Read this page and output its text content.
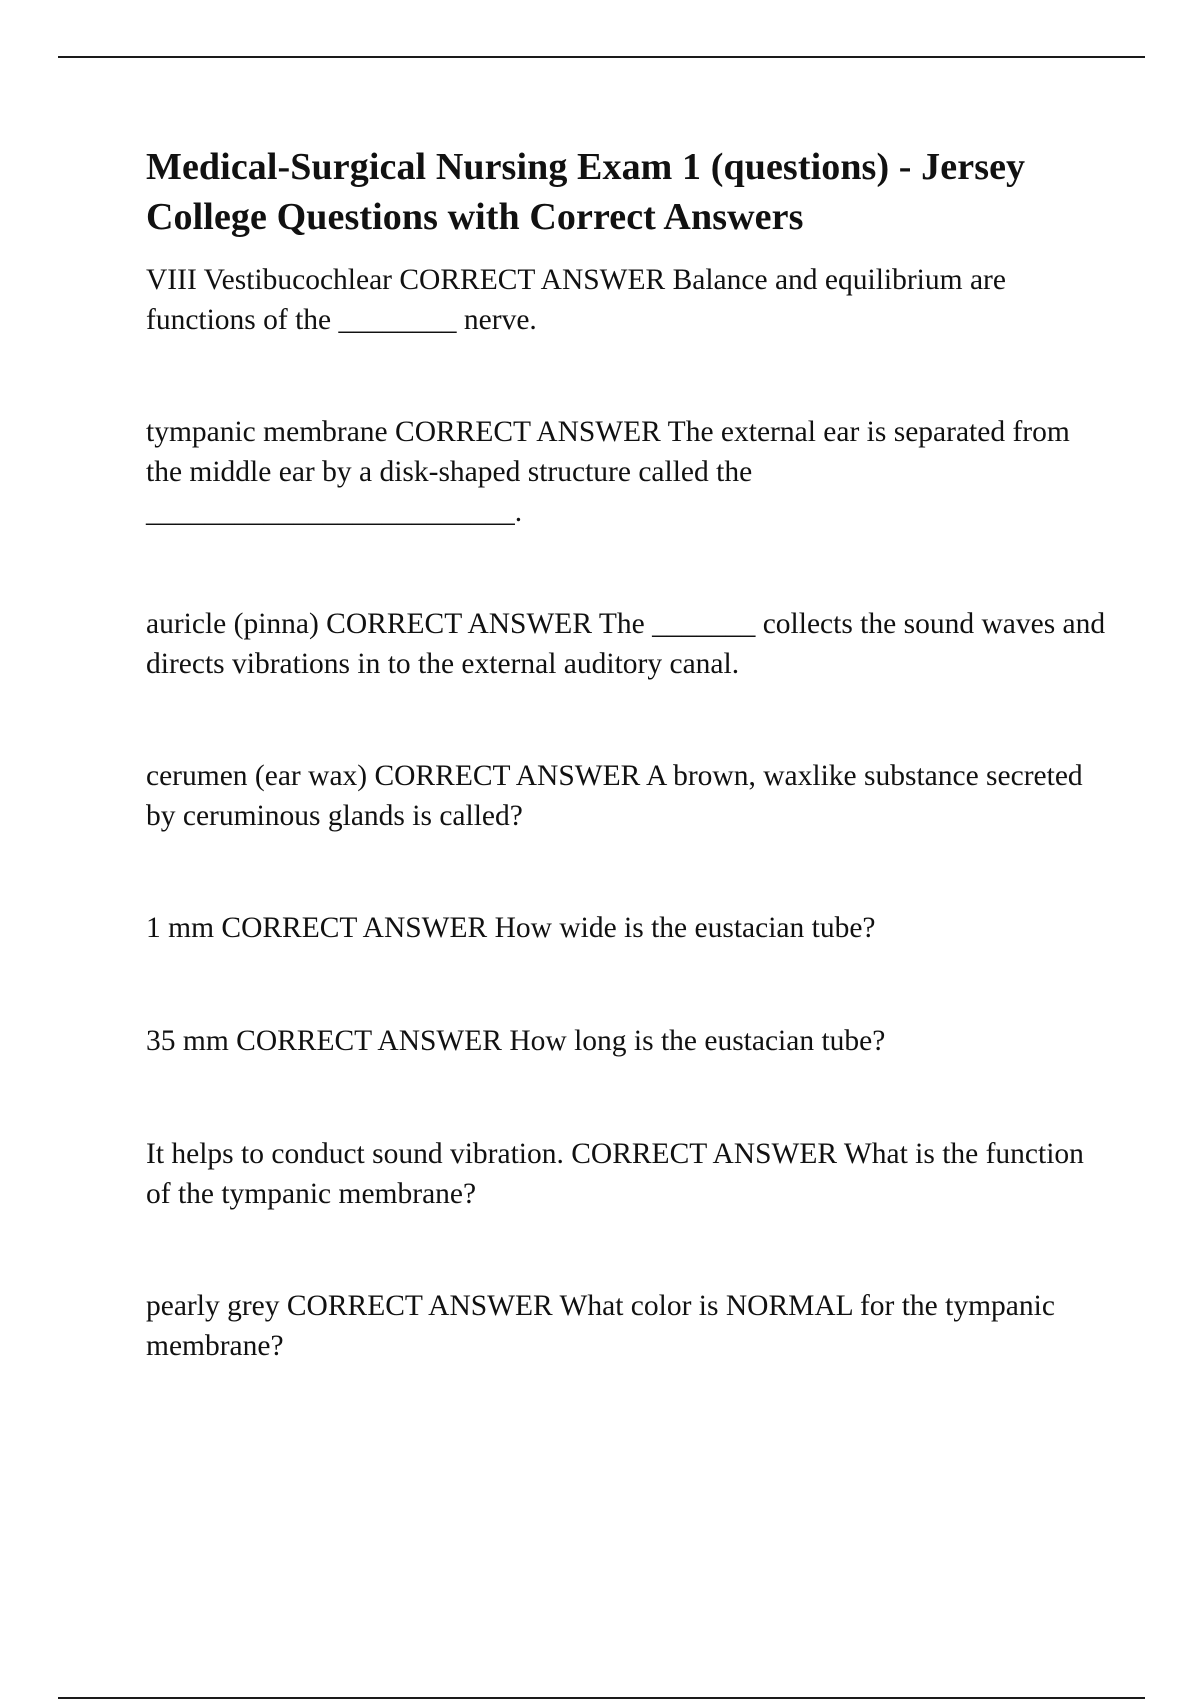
Medical-Surgical Nursing Exam 1 (questions) - Jersey College Questions with Correct Answers
VIII Vestibucochlear CORRECT ANSWER Balance and equilibrium are functions of the ________ nerve.
tympanic membrane CORRECT ANSWER The external ear is separated from the middle ear by a disk-shaped structure called the _________________________.
auricle (pinna) CORRECT ANSWER The _______ collects the sound waves and directs vibrations in to the external auditory canal.
cerumen (ear wax) CORRECT ANSWER A brown, waxlike substance secreted by ceruminous glands is called?
1 mm CORRECT ANSWER How wide is the eustacian tube?
35 mm CORRECT ANSWER How long is the eustacian tube?
It helps to conduct sound vibration. CORRECT ANSWER What is the function of the tympanic membrane?
pearly grey CORRECT ANSWER What color is NORMAL for the tympanic membrane?
